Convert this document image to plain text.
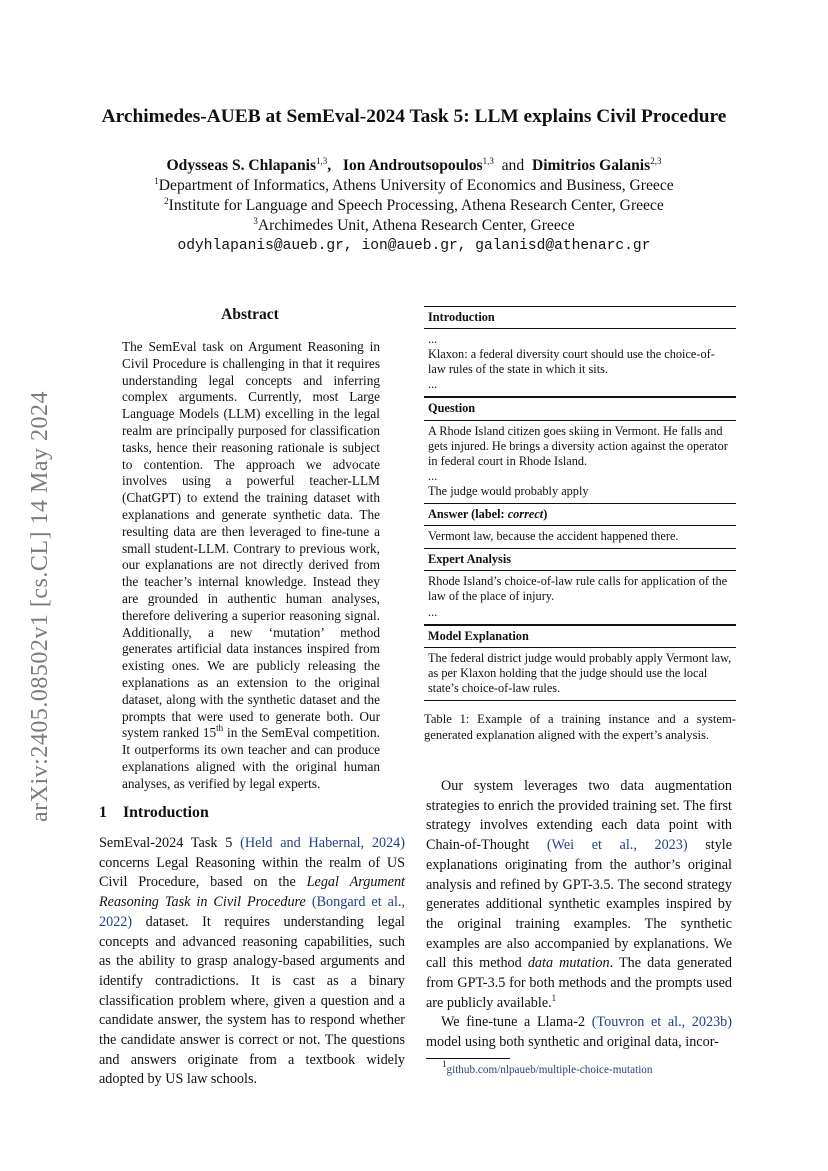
arXiv:2405.08502v1 [cs.CL] 14 May 2024
Archimedes-AUEB at SemEval-2024 Task 5: LLM explains Civil Procedure
Odysseas S. Chlapanis$^{1,3}$,   Ion Androutsopoulos$^{1,3}$ and Dimitrios Galanis$^{2,3}$
$^1$Department of Informatics, Athens University of Economics and Business, Greece
$^2$Institute for Language and Speech Processing, Athena Research Center, Greece
$^3$Archimedes Unit, Athena Research Center, Greece
odyhlapanis@aueb.gr, ion@aueb.gr, galanisd@athenarc.gr
Abstract
The SemEval task on Argument Reasoning in Civil Procedure is challenging in that it requires understanding legal concepts and inferring complex arguments. Currently, most Large Language Models (LLM) excelling in the legal realm are principally purposed for classification tasks, hence their reasoning rationale is subject to contention. The approach we advocate involves using a powerful teacher-LLM (ChatGPT) to extend the training dataset with explanations and generate synthetic data. The resulting data are then leveraged to fine-tune a small student-LLM. Contrary to previous work, our explanations are not directly derived from the teacher’s internal knowledge. Instead they are grounded in authentic human analyses, therefore delivering a superior reasoning signal. Additionally, a new ‘mutation’ method generates artificial data instances inspired from existing ones. We are publicly releasing the explanations as an extension to the original dataset, along with the synthetic dataset and the prompts that were used to generate both. Our system ranked 15th in the SemEval competition. It outperforms its own teacher and can produce explanations aligned with the original human analyses, as verified by legal experts.
1 Introduction
SemEval-2024 Task 5 (Held and Habernal, 2024) concerns Legal Reasoning within the realm of US Civil Procedure, based on the Legal Argument Reasoning Task in Civil Procedure (Bongard et al., 2022) dataset. It requires understanding legal concepts and advanced reasoning capabilities, such as the ability to grasp analogy-based arguments and identify contradictions. It is cast as a binary classification problem where, given a question and a candidate answer, the system has to respond whether the candidate answer is correct or not. The questions and answers originate from a textbook widely adopted by US law schools.
Introduction

...

Klaxon: a federal diversity court should use the choice-of-law rules of the state in which it sits.

...

Question

A Rhode Island citizen goes skiing in Vermont. He falls and gets injured. He brings a diversity action against the operator in federal court in Rhode Island.

...

The judge would probably apply

Answer (label: correct)

Vermont law, because the accident happened there.

Expert Analysis

Rhode Island’s choice-of-law rule calls for application of the law of the place of injury.

...

Model Explanation

The federal district judge would probably apply Vermont law, as per Klaxon holding that the judge should use the local state’s choice-of-law rules.

Table 1: Example of a training instance and a system-generated explanation aligned with the expert’s analysis.

Our system leverages two data augmentation strategies to enrich the provided training set. The first strategy involves extending each data point with Chain-of-Thought (Wei et al., 2023) style explanations originating from the author’s original analysis and refined by GPT-3.5. The second strategy generates additional synthetic examples inspired by the original training examples. The synthetic examples are also accompanied by explanations. We call this method data mutation. The data generated from GPT-3.5 for both methods and the prompts used are publicly available.$^1$

We fine-tune a Llama-2 (Touvron et al., 2023b) model using both synthetic and original data, incor-

$^1$github.com/nlpaueb/multiple-choice-mutation
